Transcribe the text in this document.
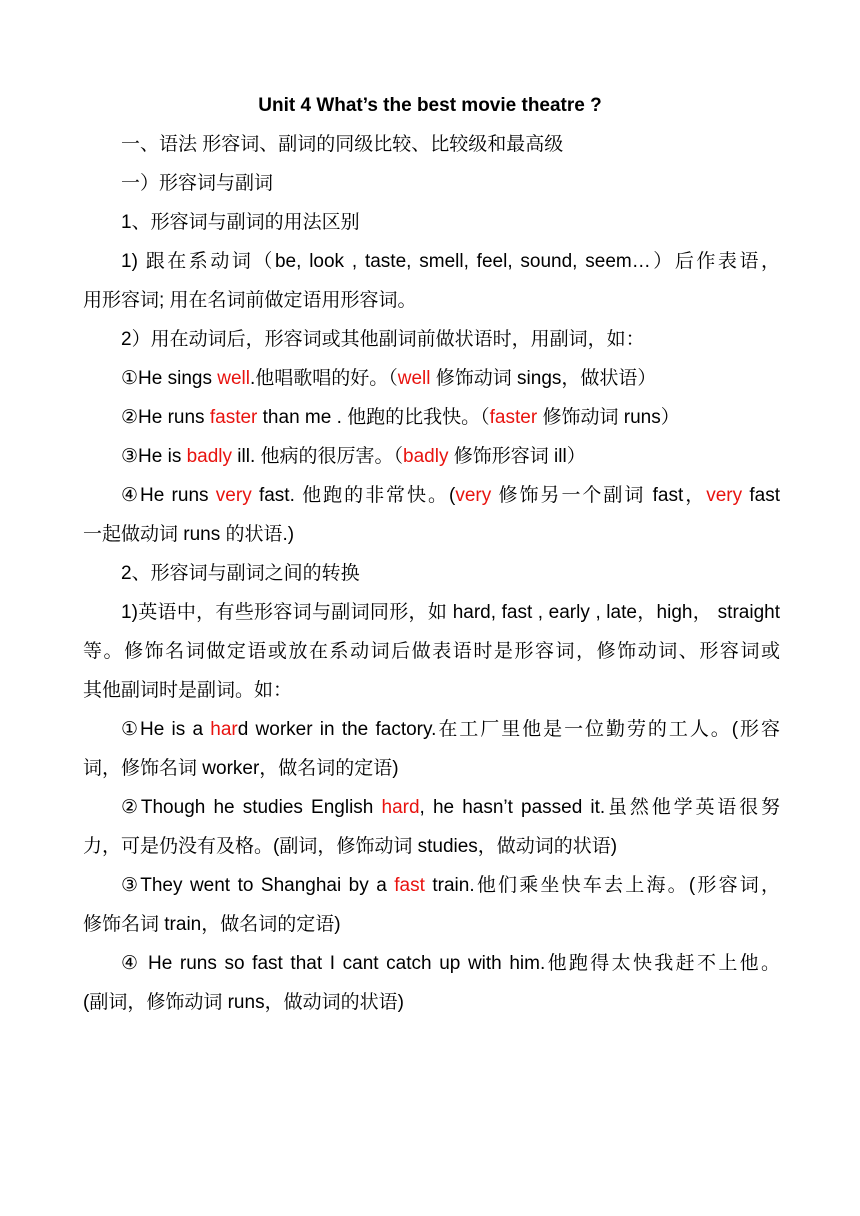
Unit 4 What’s the best movie theatre ?
一、语法 形容词、副词的同级比较、比较级和最高级
一）形容词与副词
1、形容词与副词的用法区别
1) 跟在系动词（be, look , taste, smell, feel, sound, seem…）后作表语，
用形容词; 用在名词前做定语用形容词。
2）用在动词后，形容词或其他副词前做状语时，用副词，如：
①He sings well.他唱歌唱的好。（well 修饰动词 sings，做状语）
②He runs faster than me . 他跑的比我快。（faster 修饰动词 runs）
③He is badly ill. 他病的很厉害。（badly 修饰形容词 ill）
④He runs very fast. 他跑的非常快。(very 修饰另一个副词 fast，very fast
一起做动词 runs 的状语.)
2、形容词与副词之间的转换
1)英语中，有些形容词与副词同形，如 hard, fast , early , late，high， straight
等。修饰名词做定语或放在系动词后做表语时是形容词，修饰动词、形容词或
其他副词时是副词。如：
①He is a hard worker in the factory.在工厂里他是一位勤劳的工人。(形容
词，修饰名词 worker，做名词的定语)
②Though he studies English hard, he hasn’t passed it.虽然他学英语很努
力，可是仍没有及格。(副词，修饰动词 studies，做动词的状语)
③They went to Shanghai by a fast train.他们乘坐快车去上海。(形容词，
修饰名词 train，做名词的定语)
④ He runs so fast that I cant catch up with him.他跑得太快我赶不上他。
(副词，修饰动词 runs，做动词的状语)
